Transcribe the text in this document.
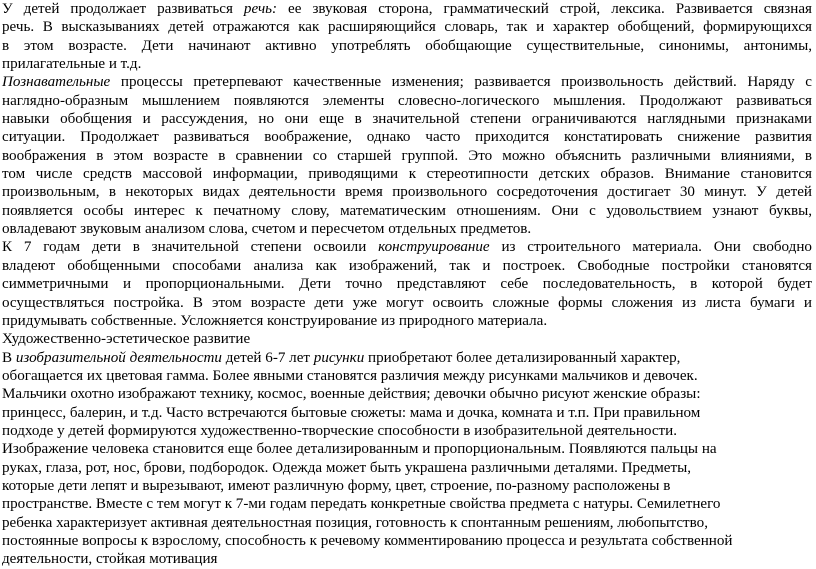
У детей продолжает развиваться речь: ее звуковая сторона, грамматический строй, лексика. Развивается связная
речь. В высказываниях детей отражаются как расширяющийся словарь, так и характер обобщений, формирующихся
в этом возрасте. Дети начинают активно употреблять обобщающие существительные, синонимы, антонимы,
прилагательные и т.д.
Познавательные процессы претерпевают качественные изменения; развивается произвольность действий. Наряду с
наглядно-образным мышлением появляются элементы словесно-логического мышления. Продолжают развиваться
навыки обобщения и рассуждения, но они еще в значительной степени ограничиваются наглядными признаками
ситуации. Продолжает развиваться воображение, однако часто приходится констатировать снижение развития
воображения в этом возрасте в сравнении со старшей группой. Это можно объяснить различными влияниями, в
том числе средств массовой информации, приводящими к стереотипности детских образов. Внимание становится
произвольным, в некоторых видах деятельности время произвольного сосредоточения достигает 30 минут. У детей
появляется особы интерес к печатному слову, математическим отношениям. Они с удовольствием узнают буквы,
овладевают звуковым анализом слова, счетом и пересчетом отдельных предметов.
К 7 годам дети в значительной степени освоили конструирование из строительного материала. Они свободно
владеют обобщенными способами анализа как изображений, так и построек. Свободные постройки становятся
симметричными и пропорциональными. Дети точно представляют себе последовательность, в которой будет
осуществляться постройка. В этом возрасте дети уже могут освоить сложные формы сложения из листа бумаги и
придумывать собственные. Усложняется конструирование из природного материала.
Художественно-эстетическое развитие
В изобразительной деятельности детей 6-7 лет рисунки приобретают более детализированный характер,
обогащается их цветовая гамма. Более явными становятся различия между рисунками мальчиков и девочек.
Мальчики охотно изображают технику, космос, военные действия; девочки обычно рисуют женские образы:
принцесс, балерин, и т.д. Часто встречаются бытовые сюжеты: мама и дочка, комната и т.п. При правильном
подходе у детей формируются художественно-творческие способности в изобразительной деятельности.
Изображение человека становится еще более детализированным и пропорциональным. Появляются пальцы на
руках, глаза, рот, нос, брови, подбородок. Одежда может быть украшена различными деталями. Предметы,
которые дети лепят и вырезывают, имеют различную форму, цвет, строение, по-разному расположены в
пространстве. Вместе с тем могут к 7-ми годам передать конкретные свойства предмета с натуры. Семилетнего
ребенка характеризует активная деятельностная позиция, готовность к спонтанным решениям, любопытство,
постоянные вопросы к взрослому, способность к речевому комментированию процесса и результата собственной
деятельности, стойкая мотивация
